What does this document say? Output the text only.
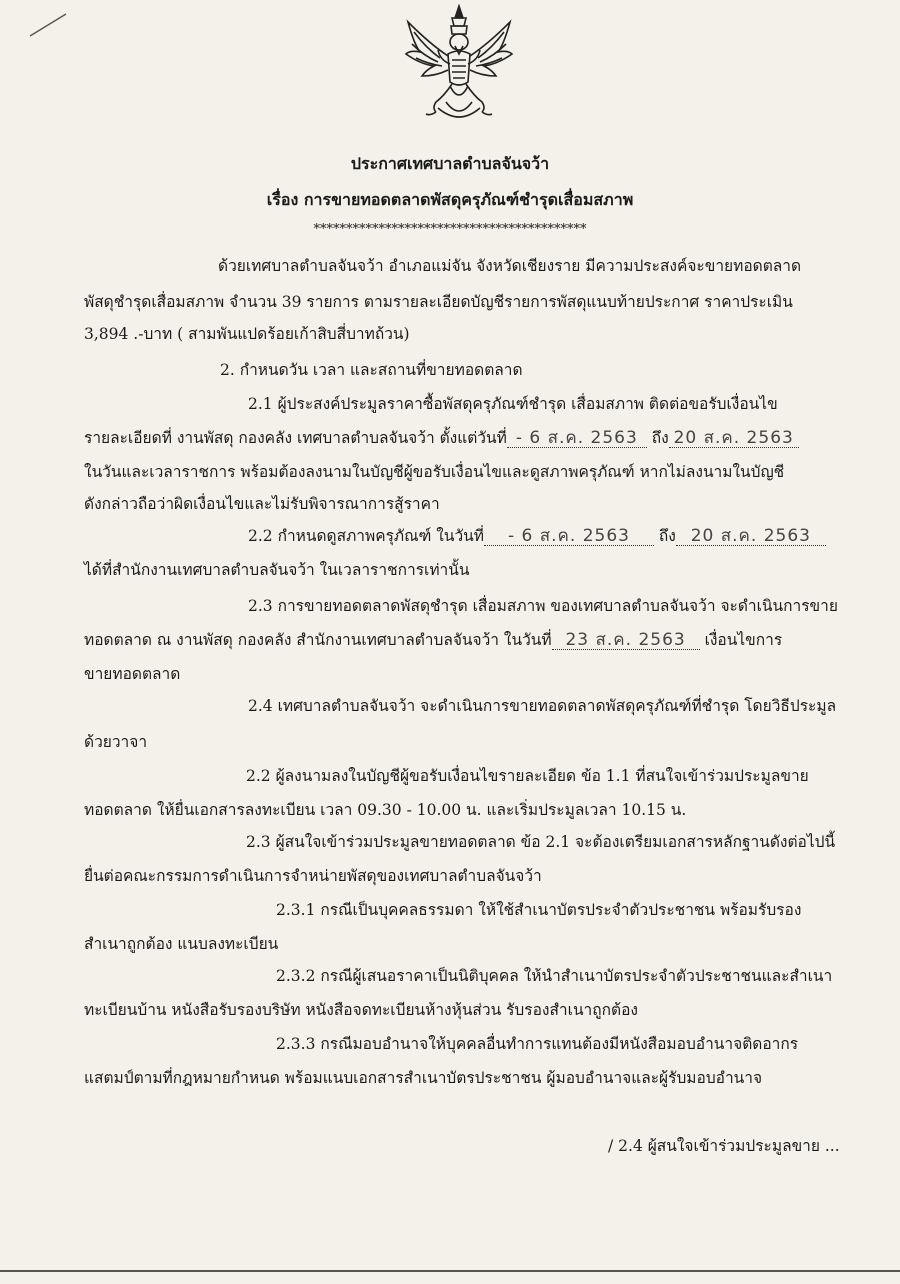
ประกาศเทศบาลตำบลจันจว้า
เรื่อง การขายทอดตลาดพัสดุครุภัณฑ์ชำรุดเสื่อมสภาพ
******************************************
ด้วยเทศบาลตำบลจันจว้า อำเภอแม่จัน จังหวัดเชียงราย มีความประสงค์จะขายทอดตลาด
พัสดุชำรุดเสื่อมสภาพ จำนวน 39 รายการ ตามรายละเอียดบัญชีรายการพัสดุแนบท้ายประกาศ ราคาประเมิน
3,894 .-บาท ( สามพันแปดร้อยเก้าสิบสี่บาทถ้วน)
2. กำหนดวัน เวลา และสถานที่ขายทอดตลาด
2.1 ผู้ประสงค์ประมูลราคาซื้อพัสดุครุภัณฑ์ชำรุด เสื่อมสภาพ ติดต่อขอรับเงื่อนไข
รายละเอียดที่ งานพัสดุ กองคลัง เทศบาลตำบลจันจว้า ตั้งแต่วันที่ - 6 ส.ค. 2563 ถึง 20 ส.ค. 2563
ในวันและเวลาราชการ พร้อมต้องลงนามในบัญชีผู้ขอรับเงื่อนไขและดูสภาพครุภัณฑ์ หากไม่ลงนามในบัญชี
ดังกล่าวถือว่าผิดเงื่อนไขและไม่รับพิจารณาการสู้ราคา
2.2 กำหนดดูสภาพครุภัณฑ์ ในวันที่ - 6 ส.ค. 2563 ถึง 20 ส.ค. 2563
ได้ที่สำนักงานเทศบาลตำบลจันจว้า ในเวลาราชการเท่านั้น
2.3 การขายทอดตลาดพัสดุชำรุด เสื่อมสภาพ ของเทศบาลตำบลจันจว้า จะดำเนินการขาย
ทอดตลาด ณ งานพัสดุ กองคลัง สำนักงานเทศบาลตำบลจันจว้า ในวันที่ 23 ส.ค. 2563 เงื่อนไขการ
ขายทอดตลาด
2.4 เทศบาลตำบลจันจว้า จะดำเนินการขายทอดตลาดพัสดุครุภัณฑ์ที่ชำรุด โดยวิธีประมูล
ด้วยวาจา
2.2 ผู้ลงนามลงในบัญชีผู้ขอรับเงื่อนไขรายละเอียด ข้อ 1.1 ที่สนใจเข้าร่วมประมูลขาย
ทอดตลาด ให้ยื่นเอกสารลงทะเบียน เวลา 09.30 - 10.00 น. และเริ่มประมูลเวลา 10.15 น.
2.3 ผู้สนใจเข้าร่วมประมูลขายทอดตลาด ข้อ 2.1 จะต้องเตรียมเอกสารหลักฐานดังต่อไปนี้
ยื่นต่อคณะกรรมการดำเนินการจำหน่ายพัสดุของเทศบาลตำบลจันจว้า
2.3.1 กรณีเป็นบุคคลธรรมดา ให้ใช้สำเนาบัตรประจำตัวประชาชน พร้อมรับรอง
สำเนาถูกต้อง แนบลงทะเบียน
2.3.2 กรณีผู้เสนอราคาเป็นนิติบุคคล ให้นำสำเนาบัตรประจำตัวประชาชนและสำเนา
ทะเบียนบ้าน หนังสือรับรองบริษัท หนังสือจดทะเบียนห้างหุ้นส่วน รับรองสำเนาถูกต้อง
2.3.3 กรณีมอบอำนาจให้บุคคลอื่นทำการแทนต้องมีหนังสือมอบอำนาจติดอากร
แสตมป์ตามที่กฎหมายกำหนด พร้อมแนบเอกสารสำเนาบัตรประชาชน ผู้มอบอำนาจและผู้รับมอบอำนาจ
/ 2.4 ผู้สนใจเข้าร่วมประมูลขาย ...
